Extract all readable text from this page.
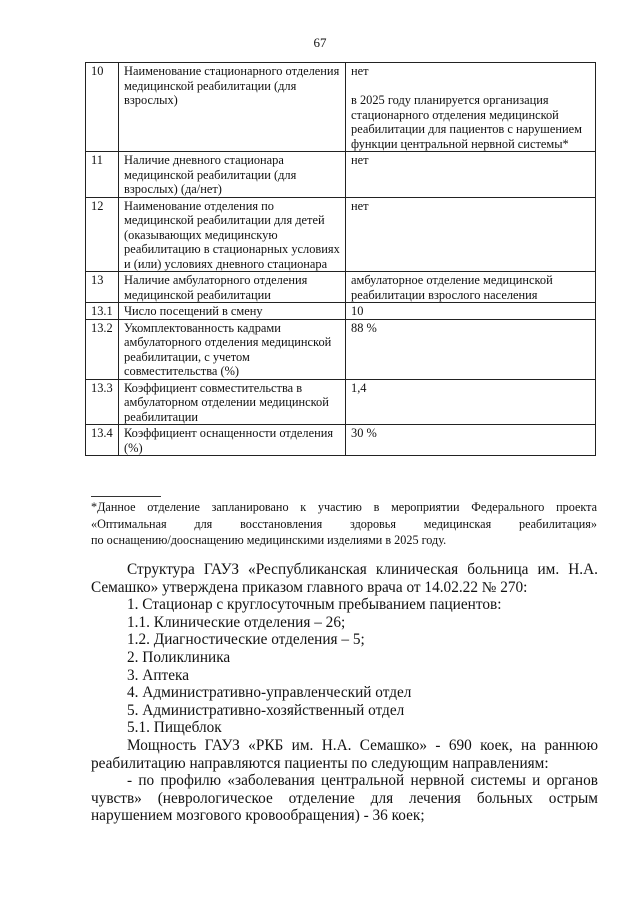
67
10	Наименование стационарного отделения медицинской реабилитации (для взрослых)	нет
в 2025 году планируется организация стационарного отделения медицинской реабилитации для пациентов с нарушением функции центральной нервной системы*

11	Наличие дневного стационара медицинской реабилитации (для взрослых) (да/нет)	нет

12	Наименование отделения по медицинской реабилитации для детей (оказывающих медицинскую реабилитацию в стационарных условиях и (или) условиях дневного стационара	нет

13	Наличие амбулаторного отделения медицинской реабилитации	амбулаторное отделение медицинской реабилитации взрослого населения

13.1	Число посещений в смену	10

13.2	Укомплектованность кадрами амбулаторного отделения медицинской реабилитации, с учетом совместительства (%)	88 %

13.3	Коэффициент совместительства в амбулаторном отделении медицинской реабилитации	1,4

13.4	Коэффициент оснащенности отделения (%)	30 %
*Данное отделение запланировано к участию в мероприятии Федерального проекта
«Оптимальная для восстановления здоровья медицинская реабилитация»
по оснащению/дооснащению медицинскими изделиями в 2025 году.

Структура ГАУЗ «Республиканская клиническая больница им. Н.А.

Семашко» утверждена приказом главного врача от 14.02.22 № 270:

1. Стационар с круглосуточным пребыванием пациентов:

1.1. Клинические отделения – 26;

1.2. Диагностические отделения – 5;

2. Поликлиника

3. Аптека

4. Административно-управленческий отдел

5. Административно-хозяйственный отдел

5.1. Пищеблок

Мощность ГАУЗ «РКБ им. Н.А. Семашко» - 690 коек, на раннюю

реабилитацию направляются пациенты по следующим направлениям:

- по профилю «заболевания центральной нервной системы и органов

чувств» (неврологическое отделение для лечения больных острым

нарушением мозгового кровообращения) - 36 коек;
